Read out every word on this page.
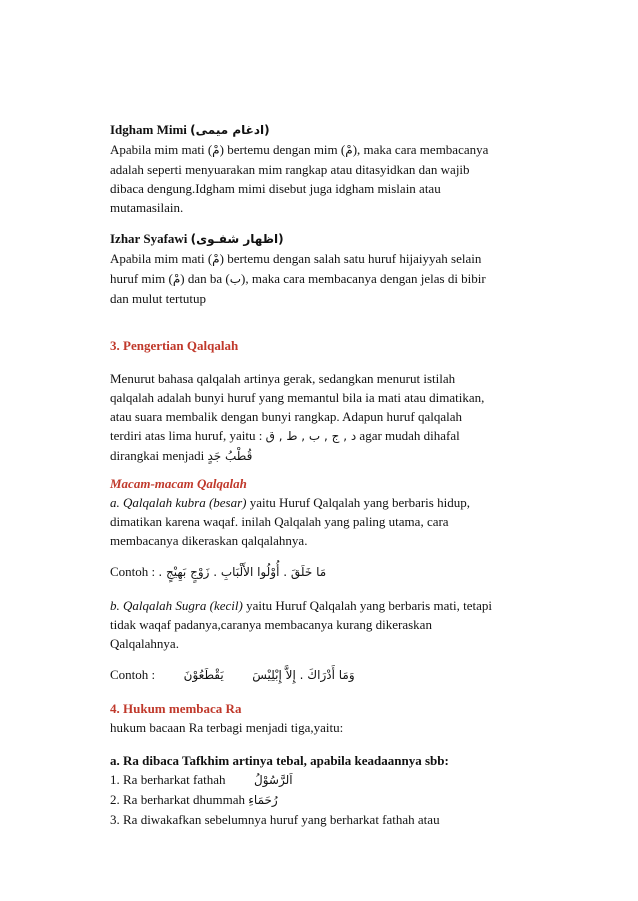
Idgham Mimi (ادغام ميمى)

Apabila mim mati (مْ) bertemu dengan mim (مْ), maka cara membacanya
adalah seperti menyuarakan mim rangkap atau ditasyidkan dan wajib
dibaca dengung.Idgham mimi disebut juga idgham mislain atau
mutamasilain.

Izhar Syafawi (اظهار شفـوى)

Apabila mim mati (مْ) bertemu dengan salah satu huruf hijaiyyah selain
huruf mim (مْ) dan ba (ب), maka cara membacanya dengan jelas di bibir
dan mulut tertutup

3. Pengertian Qalqalah

Menurut bahasa qalqalah artinya gerak, sedangkan menurut istilah
qalqalah adalah bunyi huruf yang memantul bila ia mati atau dimatikan,
atau suara membalik dengan bunyi rangkap. Adapun huruf qalqalah
terdiri atas lima huruf, yaitu : د , ج , ب , ط , ق agar mudah dihafal
dirangkai menjadi قُطْبُ جَدٍ

Macam-macam Qalqalah

a. Qalqalah kubra (besar) yaitu Huruf Qalqalah yang berbaris hidup,
dimatikan karena waqaf. inilah Qalqalah yang paling utama, cara
membacanya dikeraskan qalqalahnya.

Contoh : مَا خَلَقَ . أُوْلُوا الأَلْبَابِ . زَوْجٍ بَهِيْجٍ .

b. Qalqalah Sugra (kecil) yaitu Huruf Qalqalah yang berbaris mati, tetapi
tidak waqaf padanya,caranya membacanya kurang dikeraskan
Qalqalahnya.

Contoh : يَقْطَعُوْنَ وَمَا أَدْرَاكَ . إِلاَّ إِبْلِيْسَ

4. Hukum membaca Ra

hukum bacaan Ra terbagi menjadi tiga,yaitu:

a. Ra dibaca Tafkhim artinya tebal, apabila keadaannya sbb:

1. Ra berharkat fathah اَلرَّسُوْلُ
2. Ra berharkat dhummah رُحَمَاءِ
3. Ra diwakafkan sebelumnya huruf yang berharkat fathah atau
